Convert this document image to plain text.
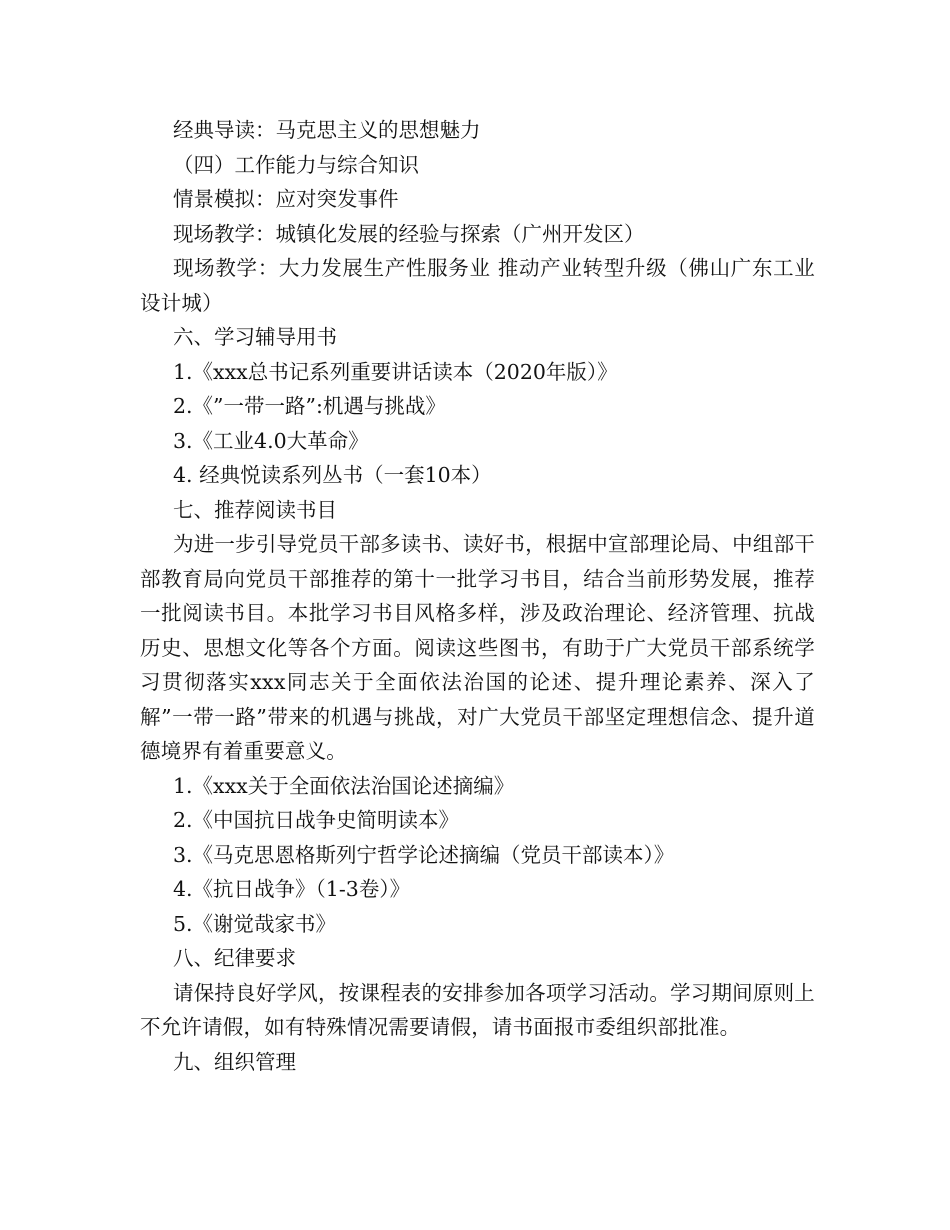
经典导读：马克思主义的思想魅力
（四）工作能力与综合知识
情景模拟：应对突发事件
现场教学：城镇化发展的经验与探索（广州开发区）

现场教学：大力发展生产性服务业 推动产业转型升级（佛山广东工业设计城）

六、学习辅导用书
1.《xxx总书记系列重要讲话读本（2020年版）》
2.《”一带一路”:机遇与挑战》
3.《工业4.0大革命》
4. 经典悦读系列丛书（一套10本）
七、推荐阅读书目

为进一步引导党员干部多读书、读好书，根据中宣部理论局、中组部干部教育局向党员干部推荐的第十一批学习书目，结合当前形势发展，推荐一批阅读书目。本批学习书目风格多样，涉及政治理论、经济管理、抗战历史、思想文化等各个方面。阅读这些图书，有助于广大党员干部系统学习贯彻落实xxx同志关于全面依法治国的论述、提升理论素养、深入了解”一带一路”带来的机遇与挑战，对广大党员干部坚定理想信念、提升道德境界有着重要意义。

1.《xxx关于全面依法治国论述摘编》
2.《中国抗日战争史简明读本》
3.《马克思恩格斯列宁哲学论述摘编（党员干部读本）》
4.《抗日战争》（1-3卷）》
5.《谢觉哉家书》
八、纪律要求

请保持良好学风，按课程表的安排参加各项学习活动。学习期间原则上不允许请假，如有特殊情况需要请假，请书面报市委组织部批准。

九、组织管理
